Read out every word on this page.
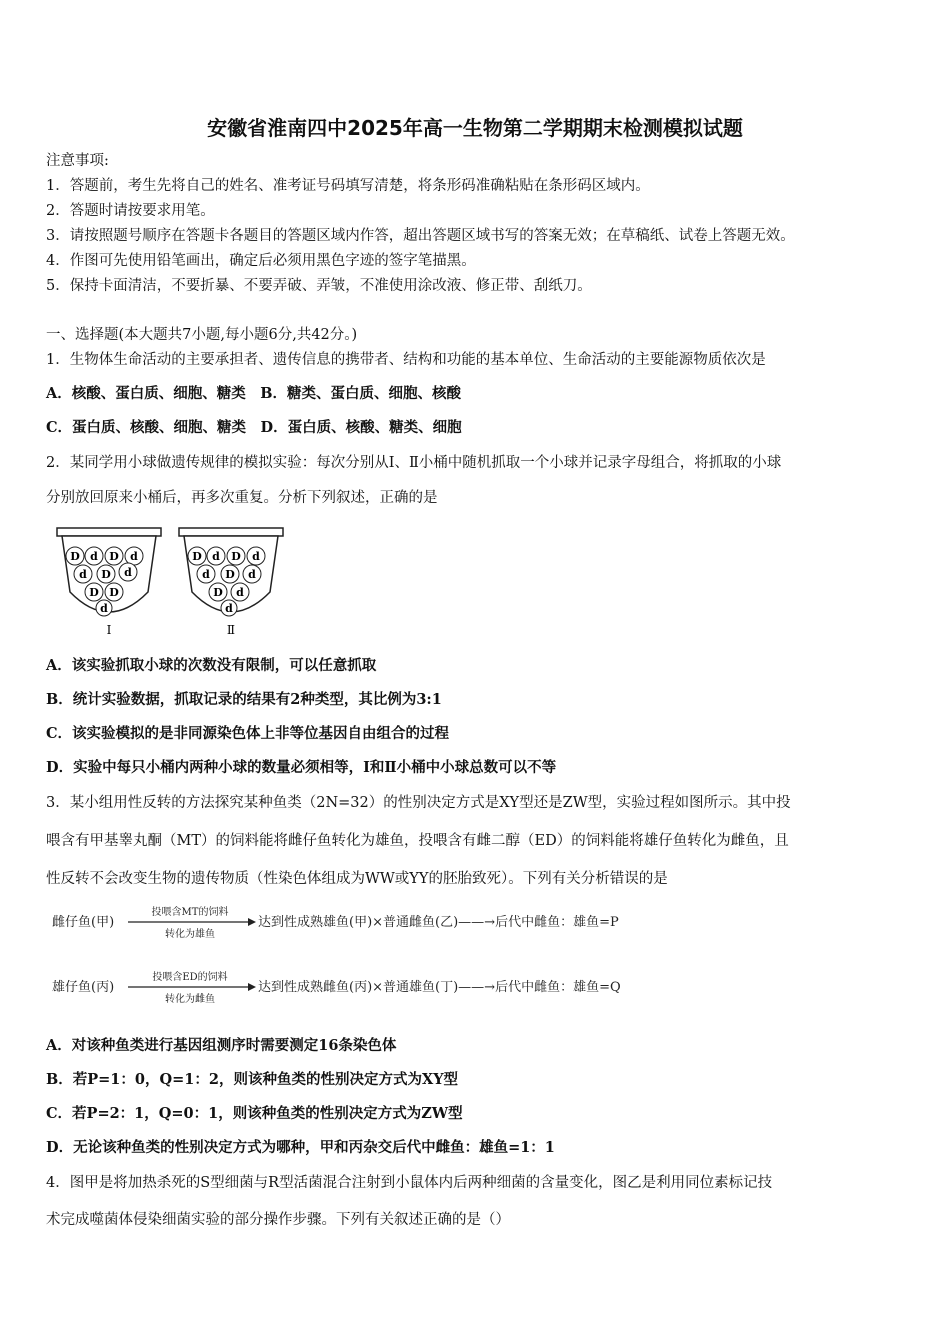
安徽省淮南四中2025年高一生物第二学期期末检测模拟试题
注意事项:
1．答题前，考生先将自己的姓名、准考证号码填写清楚，将条形码准确粘贴在条形码区域内。
2．答题时请按要求用笔。
3．请按照题号顺序在答题卡各题目的答题区域内作答，超出答题区域书写的答案无效；在草稿纸、试卷上答题无效。
4．作图可先使用铅笔画出，确定后必须用黑色字迹的签字笔描黑。
5．保持卡面清洁，不要折暴、不要弄破、弄皱，不准使用涂改液、修正带、刮纸刀。
一、选择题(本大题共7小题,每小题6分,共42分。)
1．生物体生命活动的主要承担者、遗传信息的携带者、结构和功能的基本单位、生命活动的主要能源物质依次是
A．核酸、蛋白质、细胞、糖类　B．糖类、蛋白质、细胞、核酸
C．蛋白质、核酸、细胞、糖类　D．蛋白质、核酸、糖类、细胞
2．某同学用小球做遗传规律的模拟实验：每次分别从Ⅰ、Ⅱ小桶中随机抓取一个小球并记录字母组合，将抓取的小球
分别放回原来小桶后，再多次重复。分析下列叙述，正确的是
D d D d
d D d
D D
d
Ⅰ
D d D d
d D d
D d
d
Ⅱ
A．该实验抓取小球的次数没有限制，可以任意抓取
B．统计实验数据，抓取记录的结果有2种类型，其比例为3:1
C．该实验模拟的是非同源染色体上非等位基因自由组合的过程
D．实验中每只小桶内两种小球的数量必须相等，Ⅰ和Ⅱ小桶中小球总数可以不等
3．某小组用性反转的方法探究某种鱼类（2N=32）的性别决定方式是XY型还是ZW型，实验过程如图所示。其中投
喂含有甲基睾丸酮（MT）的饲料能将雌仔鱼转化为雄鱼，投喂含有雌二醇（ED）的饲料能将雄仔鱼转化为雌鱼，且
性反转不会改变生物的遗传物质（性染色体组成为WW或YY的胚胎致死）。下列有关分析错误的是
雌仔鱼(甲)
投喂含MT的饲料
转化为雄鱼
达到性成熟雄鱼(甲)×普通雌鱼(乙)——→后代中雌鱼：雄鱼=P
雄仔鱼(丙)
投喂含ED的饲料
转化为雌鱼
达到性成熟雌鱼(丙)×普通雄鱼(丁)——→后代中雌鱼：雄鱼=Q
A．对该种鱼类进行基因组测序时需要测定16条染色体
B．若P=1：0，Q=1：2，则该种鱼类的性别决定方式为XY型
C．若P=2：1，Q=0：1，则该种鱼类的性别决定方式为ZW型
D．无论该种鱼类的性别决定方式为哪种，甲和丙杂交后代中雌鱼：雄鱼=1：1
4．图甲是将加热杀死的S型细菌与R型活菌混合注射到小鼠体内后两种细菌的含量变化，图乙是利用同位素标记技
术完成噬菌体侵染细菌实验的部分操作步骤。下列有关叙述正确的是（）
